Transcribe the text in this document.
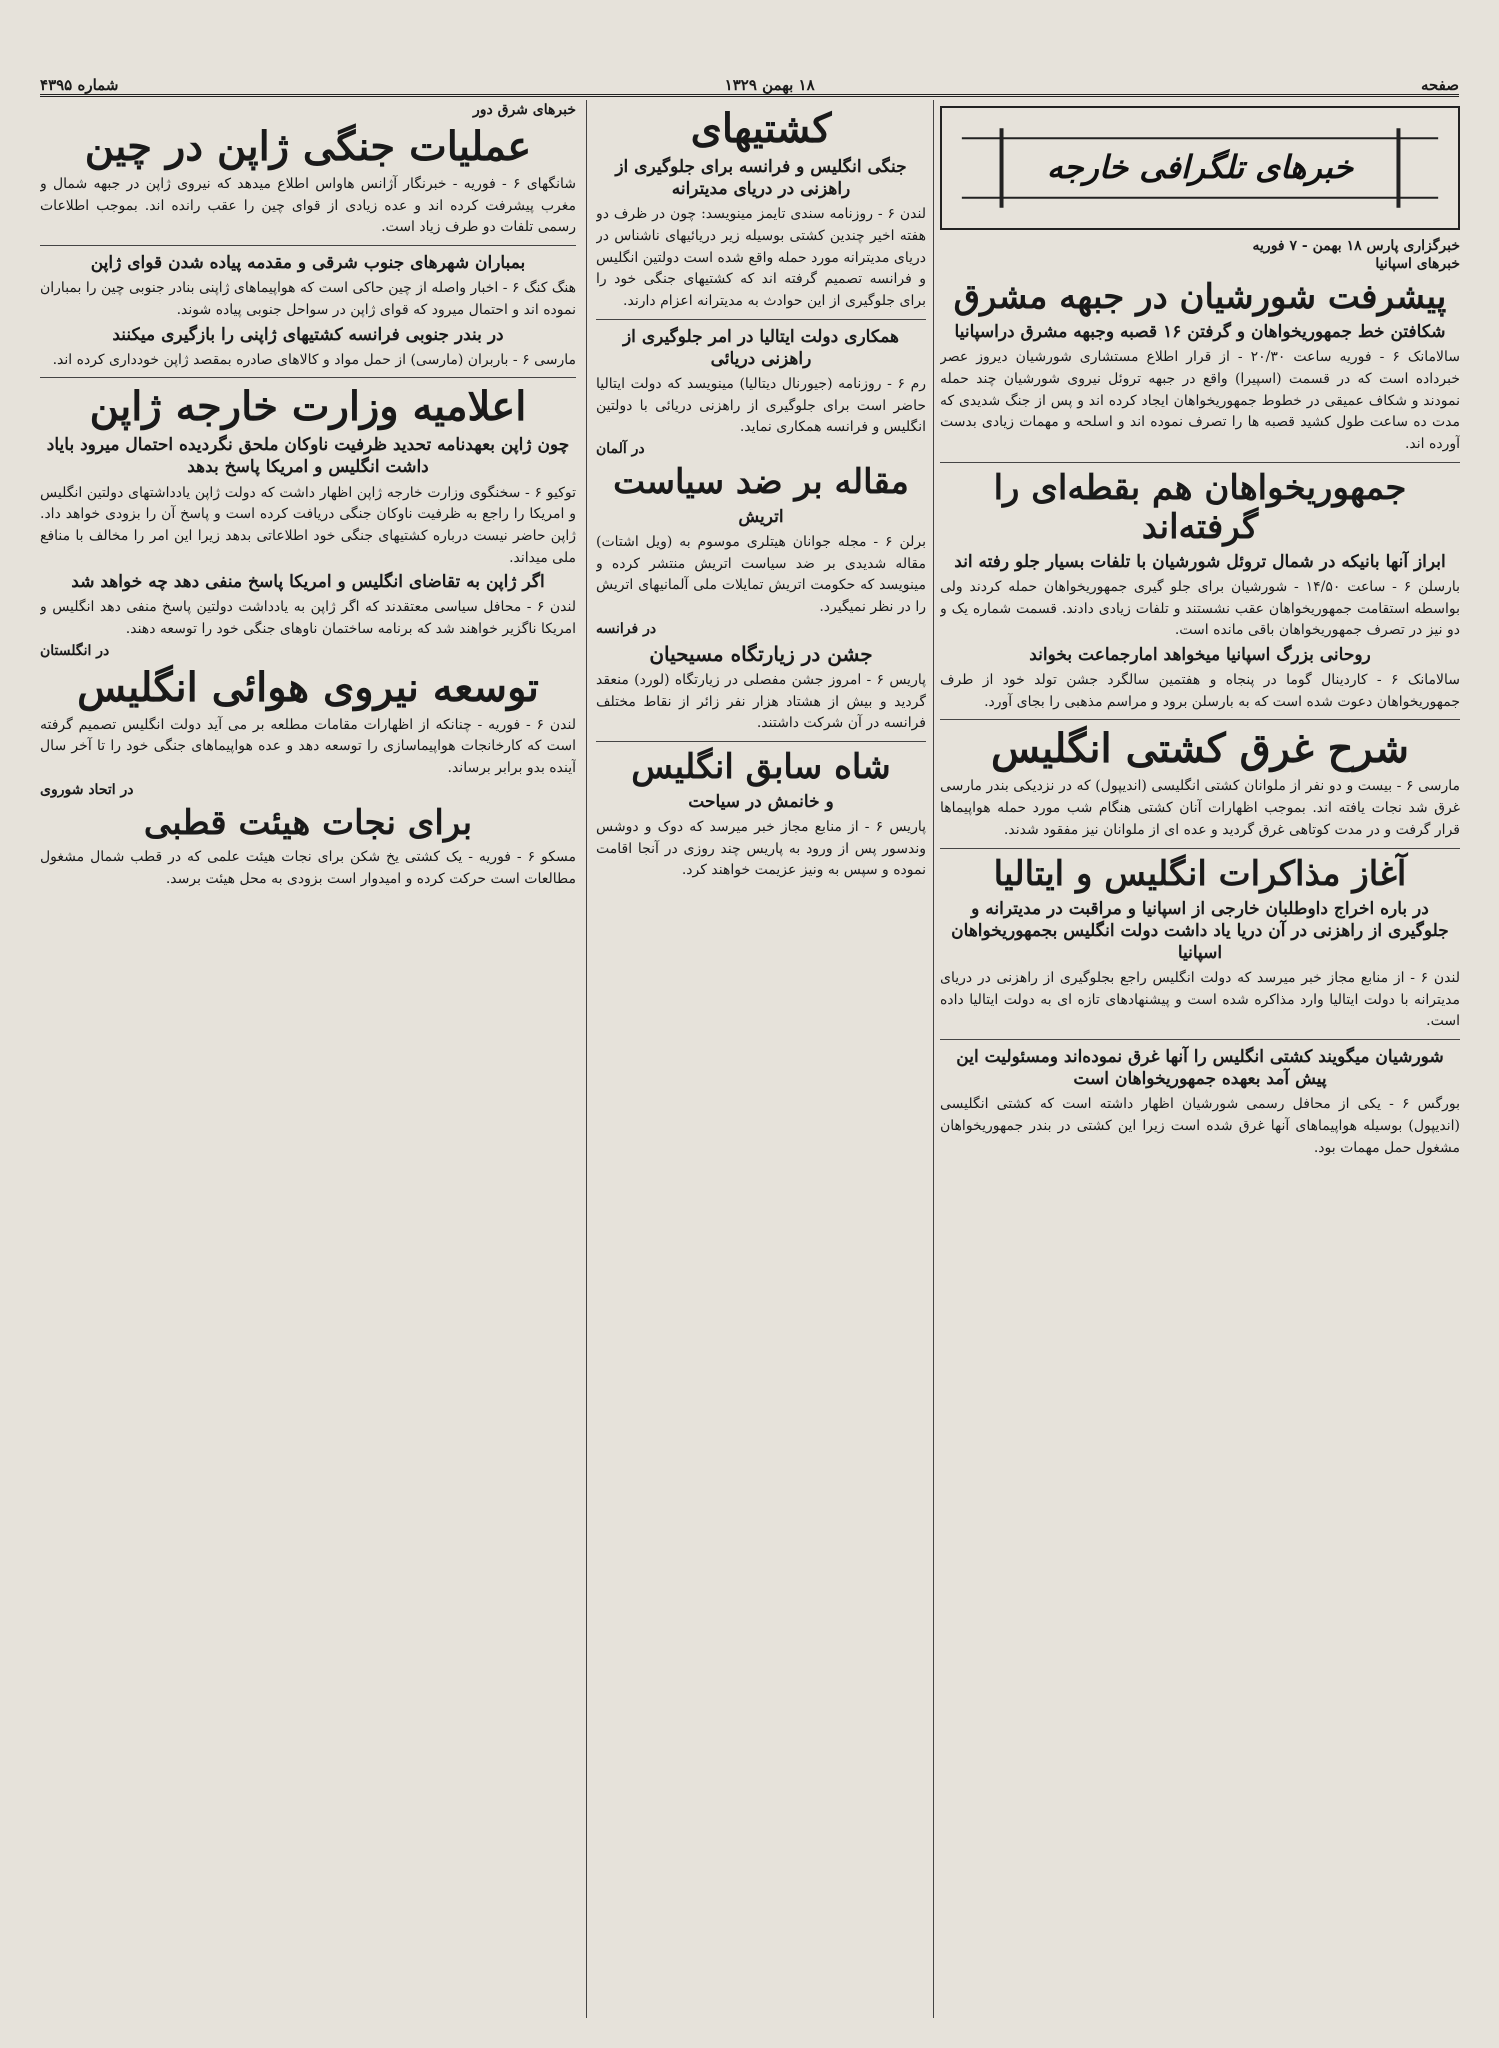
صفحه
۱۸ بهمن ۱۳۲۹
شماره ۴۳۹۵
خبرهای تلگرافی خارجه
خبرگزاری پارس ۱۸ بهمن - ۷ فوریه
خبرهای اسپانیا
پیشرفت شورشیان در جبهه مشرق
شکافتن خط جمهوریخواهان و گرفتن ۱۶ قصبه وجبهه مشرق دراسپانیا
سالامانک ۶ - فوریه ساعت ۲۰/۳۰ - از قرار اطلاع مستشاری شورشیان دیروز عصر خبرداده است که در قسمت (اسپیرا) واقع در جبهه تروئل نیروی شورشیان چند حمله نمودند و شکاف عمیقی در خطوط جمهوریخواهان ایجاد کرده اند و پس از جنگ شدیدی که مدت ده ساعت طول کشید قصبه ها را تصرف نموده اند و اسلحه و مهمات زیادی بدست آورده اند.
جمهوریخواهان هم بقطه‌ای را گرفته‌اند
ابراز آنها بانیکه در شمال تروئل شورشیان با تلفات بسیار جلو رفته اند
بارسلن ۶ - ساعت ۱۴/۵۰ - شورشیان برای جلو گیری جمهوریخواهان حمله کردند ولی بواسطه استقامت جمهوریخواهان عقب نشستند و تلفات زیادی دادند. قسمت شماره یک و دو نیز در تصرف جمهوریخواهان باقی مانده است.
روحانی بزرگ اسپانیا میخواهد امارجماعت بخواند
سالامانک ۶ - کاردینال گوما در پنجاه و هفتمین سالگرد جشن تولد خود از طرف جمهوریخواهان دعوت شده است که به بارسلن برود و مراسم مذهبی را بجای آورد.
شرح غرق کشتی انگلیس
مارسی ۶ - بیست و دو نفر از ملوانان کشتی انگلیسی (اندیپول) که در نزدیکی بندر مارسی غرق شد نجات یافته اند. بموجب اظهارات آنان کشتی هنگام شب مورد حمله هواپیماها قرار گرفت و در مدت کوتاهی غرق گردید و عده ای از ملوانان نیز مفقود شدند.
آغاز مذاکرات انگلیس و ایتالیا
در باره اخراج داوطلبان خارجی از اسپانیا و مراقبت در مدیترانه و جلوگیری از راهزنی در آن دریا یاد داشت دولت انگلیس بجمهوریخواهان اسپانیا
لندن ۶ - از منابع مجاز خبر میرسد که دولت انگلیس راجع بجلوگیری از راهزنی در دریای مدیترانه با دولت ایتالیا وارد مذاکره شده است و پیشنهادهای تازه ای به دولت ایتالیا داده است.
شورشیان میگویند کشتی انگلیس را آنها غرق نموده‌اند ومسئولیت این پیش آمد بعهده جمهوریخواهان است
بورگس ۶ - یکی از محافل رسمی شورشیان اظهار داشته است که کشتی انگلیسی (اندیپول) بوسیله هواپیماهای آنها غرق شده است زیرا این کشتی در بندر جمهوریخواهان مشغول حمل مهمات بود.
کشتیهای
جنگی انگلیس و فرانسه برای جلوگیری از راهزنی در دریای مدیترانه
لندن ۶ - روزنامه سندی تایمز مینویسد: چون در ظرف دو هفته اخیر چندین کشتی بوسیله زیر دریائیهای ناشناس در دریای مدیترانه مورد حمله واقع شده است دولتین انگلیس و فرانسه تصمیم گرفته اند که کشتیهای جنگی خود را برای جلوگیری از این حوادث به مدیترانه اعزام دارند.
همکاری دولت ایتالیا در امر جلوگیری از راهزنی دریائی
رم ۶ - روزنامه (جیورنال دیتالیا) مینویسد که دولت ایتالیا حاضر است برای جلوگیری از راهزنی دریائی با دولتین انگلیس و فرانسه همکاری نماید.
در آلمان
مقاله بر ضد سیاست
اتریش
برلن ۶ - مجله جوانان هیتلری موسوم به (ویل اشتات) مقاله شدیدی بر ضد سیاست اتریش منتشر کرده و مینویسد که حکومت اتریش تمایلات ملی آلمانیهای اتریش را در نظر نمیگیرد.
در فرانسه
جشن در زیارتگاه مسیحیان
پاریس ۶ - امروز جشن مفصلی در زیارتگاه (لورد) منعقد گردید و بیش از هشتاد هزار نفر زائر از نقاط مختلف فرانسه در آن شرکت داشتند.
شاه سابق انگلیس
و خانمش در سیاحت
پاریس ۶ - از منابع مجاز خبر میرسد که دوک و دوشس وندسور پس از ورود به پاریس چند روزی در آنجا اقامت نموده و سپس به ونیز عزیمت خواهند کرد.
خبرهای شرق دور
عملیات جنگی ژاپن در چین
شانگهای ۶ - فوریه - خبرنگار آژانس هاواس اطلاع میدهد که نیروی ژاپن در جبهه شمال و مغرب پیشرفت کرده اند و عده زیادی از قوای چین را عقب رانده اند. بموجب اطلاعات رسمی تلفات دو طرف زیاد است.
بمباران شهرهای جنوب شرقی و مقدمه پیاده شدن قوای ژاپن
هنگ کنگ ۶ - اخبار واصله از چین حاکی است که هواپیماهای ژاپنی بنادر جنوبی چین را بمباران نموده اند و احتمال میرود که قوای ژاپن در سواحل جنوبی پیاده شوند.
در بندر جنوبی فرانسه کشتیهای ژاپنی را بازگیری میکنند
مارسی ۶ - باربران (مارسی) از حمل مواد و کالاهای صادره بمقصد ژاپن خودداری کرده اند.
اعلامیه وزارت خارجه ژاپن
چون ژاپن بعهدنامه تحدید ظرفیت ناوکان ملحق نگردیده احتمال میرود بایاد داشت انگلیس و امریکا پاسخ بدهد
توکیو ۶ - سخنگوی وزارت خارجه ژاپن اظهار داشت که دولت ژاپن یادداشتهای دولتین انگلیس و امریکا را راجع به ظرفیت ناوکان جنگی دریافت کرده است و پاسخ آن را بزودی خواهد داد. ژاپن حاضر نیست درباره کشتیهای جنگی خود اطلاعاتی بدهد زیرا این امر را مخالف با منافع ملی میداند.
اگر ژاپن به تقاضای انگلیس و امریکا پاسخ منفی دهد چه خواهد شد
لندن ۶ - محافل سیاسی معتقدند که اگر ژاپن به یادداشت دولتین پاسخ منفی دهد انگلیس و امریکا ناگزیر خواهند شد که برنامه ساختمان ناوهای جنگی خود را توسعه دهند.
در انگلستان
توسعه نیروی هوائی انگلیس
لندن ۶ - فوریه - چنانکه از اظهارات مقامات مطلعه بر می آید دولت انگلیس تصمیم گرفته است که کارخانجات هواپیماسازی را توسعه دهد و عده هواپیماهای جنگی خود را تا آخر سال آینده بدو برابر برساند.
در اتحاد شوروی
برای نجات هیئت قطبی
مسکو ۶ - فوریه - یک کشتی یخ شکن برای نجات هیئت علمی که در قطب شمال مشغول مطالعات است حرکت کرده و امیدوار است بزودی به محل هیئت برسد.
